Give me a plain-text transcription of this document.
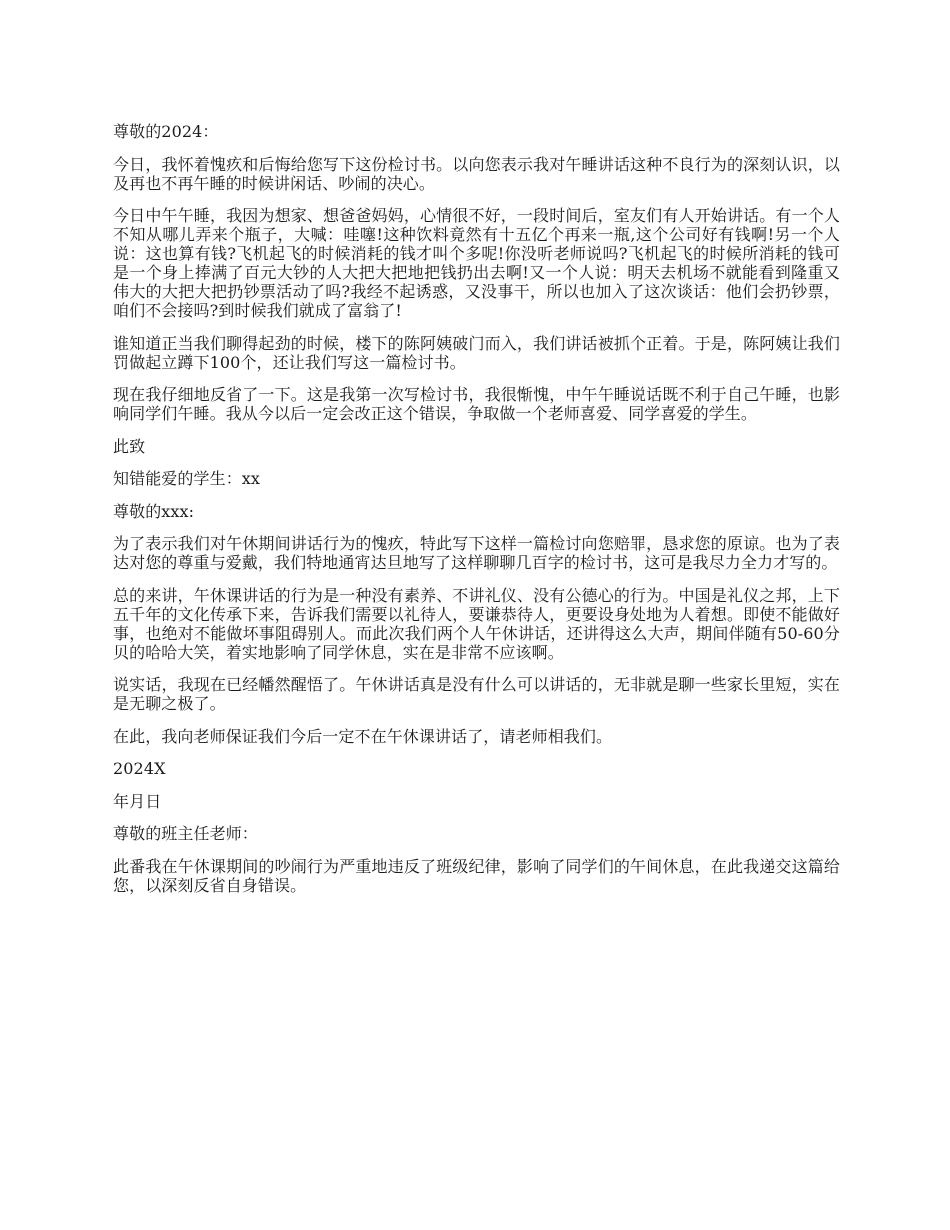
尊敬的2024：

今日，我怀着愧疚和后悔给您写下这份检讨书。以向您表示我对午睡讲话这种不良行为的深刻认识，以及再也不再午睡的时候讲闲话、吵闹的决心。

今日中午午睡，我因为想家、想爸爸妈妈，心情很不好，一段时间后，室友们有人开始讲话。有一个人不知从哪儿弄来个瓶子，大喊：哇噻!这种饮料竟然有十五亿个再来一瓶,这个公司好有钱啊!另一个人说：这也算有钱?飞机起飞的时候消耗的钱才叫个多呢!你没听老师说吗?飞机起飞的时候所消耗的钱可是一个身上捧满了百元大钞的人大把大把地把钱扔出去啊!又一个人说：明天去机场不就能看到隆重又伟大的大把大把扔钞票活动了吗?我经不起诱惑，又没事干，所以也加入了这次谈话：他们会扔钞票，咱们不会接吗?到时候我们就成了富翁了!

谁知道正当我们聊得起劲的时候，楼下的陈阿姨破门而入，我们讲话被抓个正着。于是，陈阿姨让我们罚做起立蹲下100个，还让我们写这一篇检讨书。

现在我仔细地反省了一下。这是我第一次写检讨书，我很惭愧，中午午睡说话既不利于自己午睡，也影响同学们午睡。我从今以后一定会改正这个错误，争取做一个老师喜爱、同学喜爱的学生。

此致

知错能爱的学生：xx

尊敬的xxx:

为了表示我们对午休期间讲话行为的愧疚，特此写下这样一篇检讨向您赔罪，恳求您的原谅。也为了表达对您的尊重与爱戴，我们特地通宵达旦地写了这样聊聊几百字的检讨书，这可是我尽力全力才写的。

总的来讲，午休课讲话的行为是一种没有素养、不讲礼仪、没有公德心的行为。中国是礼仪之邦，上下五千年的文化传承下来，告诉我们需要以礼待人，要谦恭待人，更要设身处地为人着想。即使不能做好事，也绝对不能做坏事阻碍别人。而此次我们两个人午休讲话，还讲得这么大声，期间伴随有50-60分贝的哈哈大笑，着实地影响了同学休息，实在是非常不应该啊。

说实话，我现在已经幡然醒悟了。午休讲话真是没有什么可以讲话的，无非就是聊一些家长里短，实在是无聊之极了。

在此，我向老师保证我们今后一定不在午休课讲话了，请老师相我们。

2024X

年月日

尊敬的班主任老师：

此番我在午休课期间的吵闹行为严重地违反了班级纪律，影响了同学们的午间休息，在此我递交这篇给您，以深刻反省自身错误。
